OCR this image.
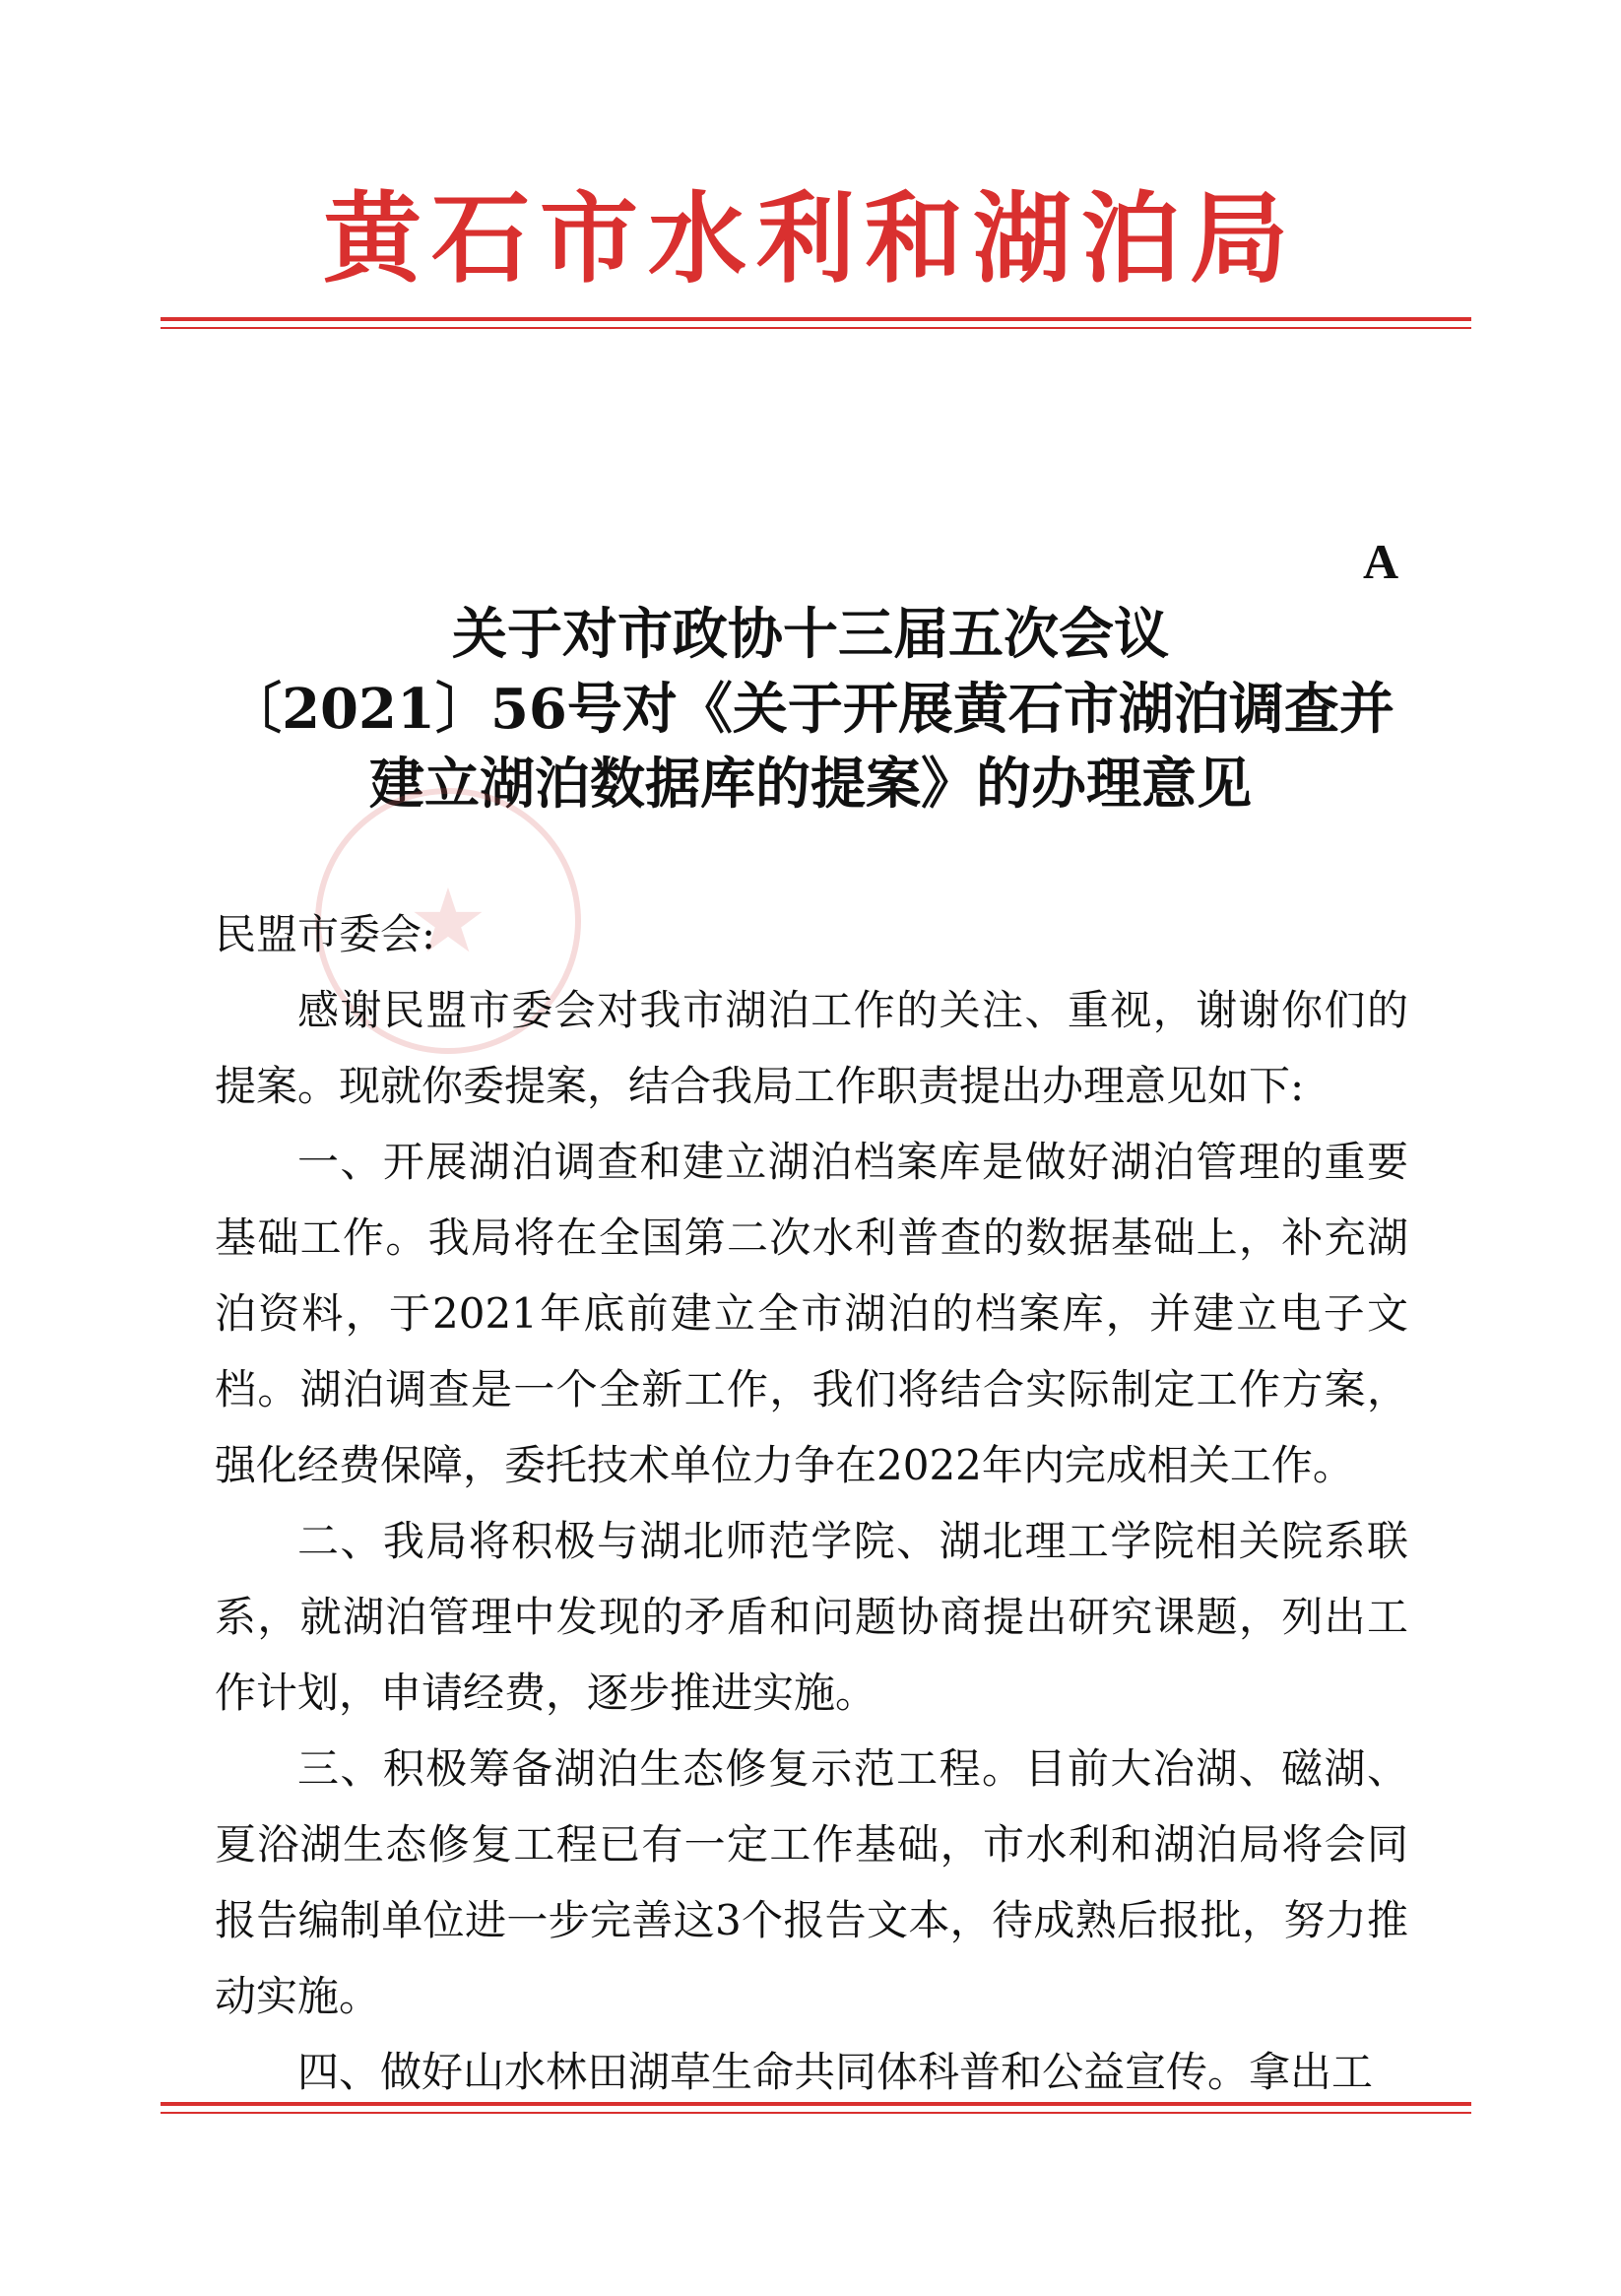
黄石市水利和湖泊局
A
关于对市政协十三届五次会议
〔2021〕56号对《关于开展黄石市湖泊调查并
建立湖泊数据库的提案》的办理意见
★

民盟市委会:

感谢民盟市委会对我市湖泊工作的关注、重视，谢谢你们的提案。现就你委提案，结合我局工作职责提出办理意见如下:

一、开展湖泊调查和建立湖泊档案库是做好湖泊管理的重要基础工作。我局将在全国第二次水利普查的数据基础上，补充湖泊资料，于2021年底前建立全市湖泊的档案库，并建立电子文档。湖泊调查是一个全新工作，我们将结合实际制定工作方案，强化经费保障，委托技术单位力争在2022年内完成相关工作。

二、我局将积极与湖北师范学院、湖北理工学院相关院系联系，就湖泊管理中发现的矛盾和问题协商提出研究课题，列出工作计划，申请经费，逐步推进实施。

三、积极筹备湖泊生态修复示范工程。目前大冶湖、磁湖、夏浴湖生态修复工程已有一定工作基础，市水利和湖泊局将会同报告编制单位进一步完善这3个报告文本，待成熟后报批，努力推动实施。

四、做好山水林田湖草生命共同体科普和公益宣传。拿出工
